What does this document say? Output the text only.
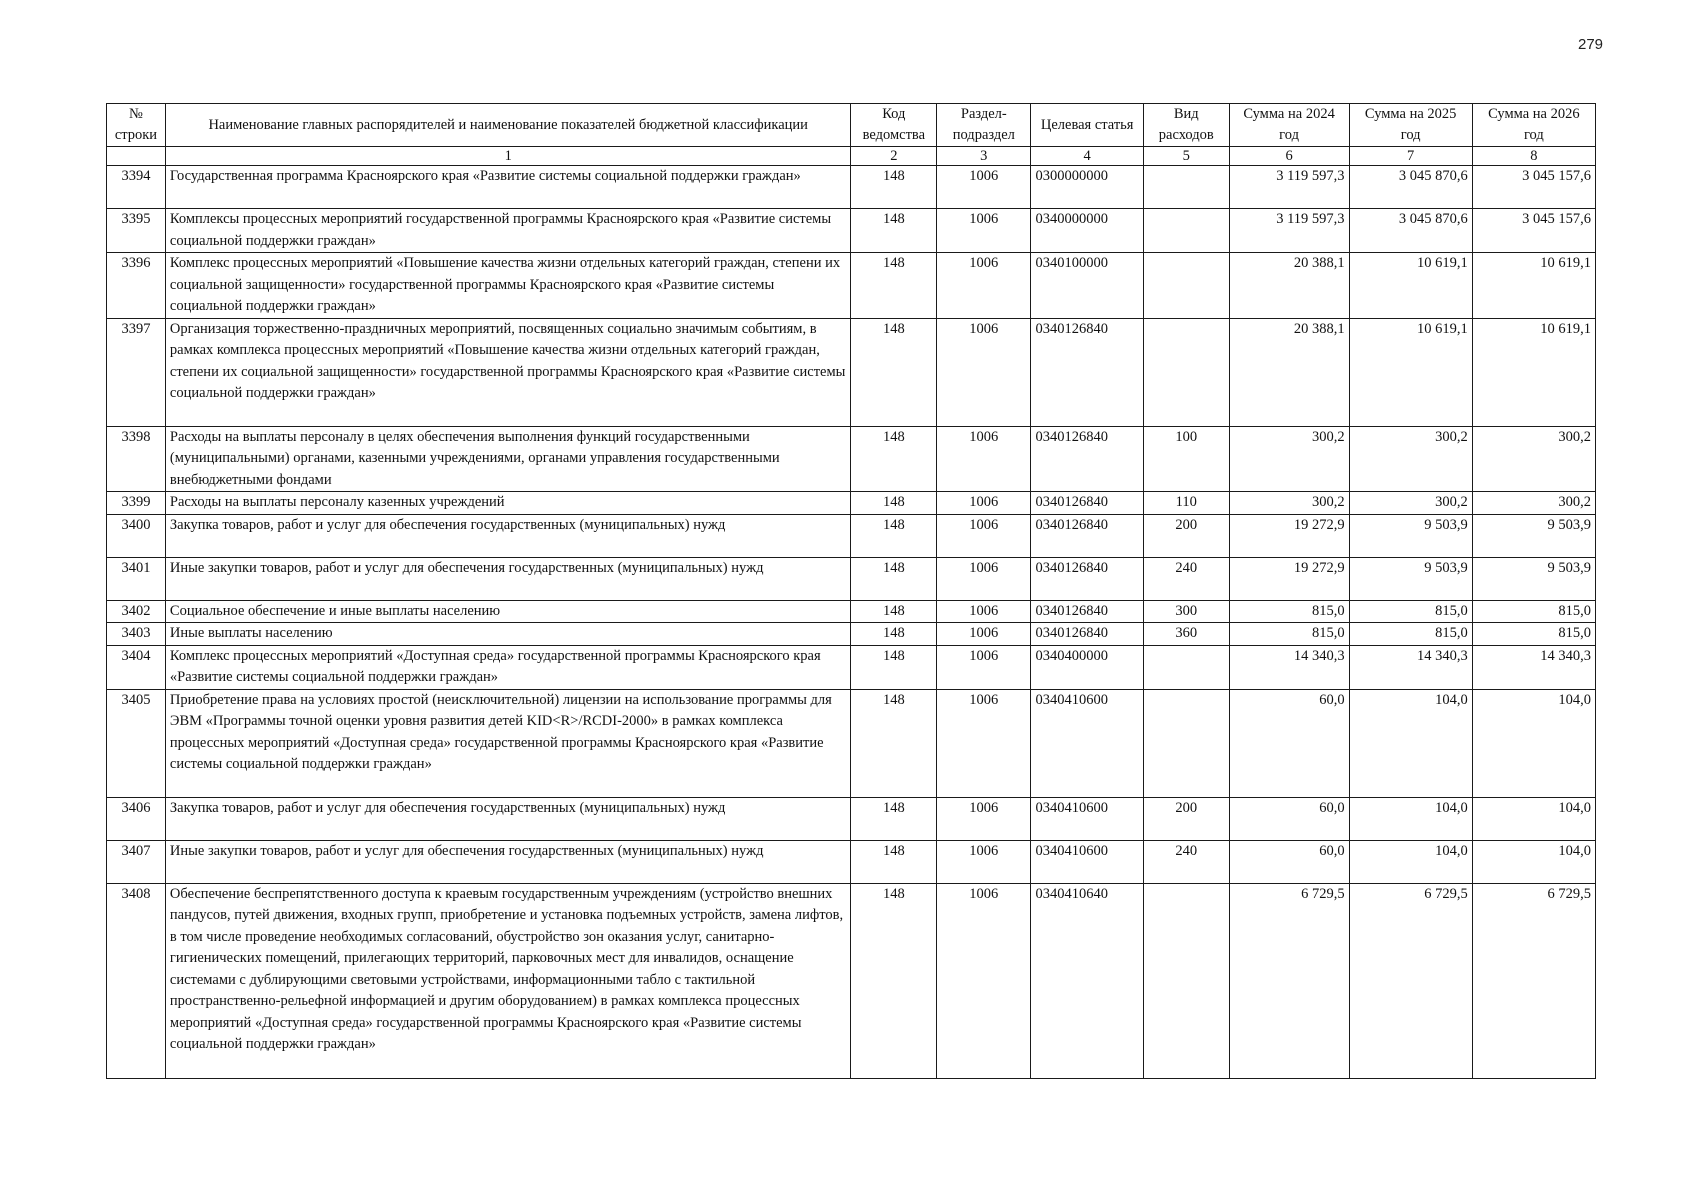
279
№ строки	Наименование главных распорядителей и наименование показателей бюджетной классификации	Код ведомства	Раздел-подраздел	Целевая статья	Вид расходов	Сумма на 2024 год	Сумма на 2025 год	Сумма на 2026 год
	1	2	3	4	5	6	7	8
3394	Государственная программа Красноярского края «Развитие системы социальной поддержки граждан»	148	1006	0300000000		3 119 597,3	3 045 870,6	3 045 157,6
3395	Комплексы процессных мероприятий государственной программы Красноярского края «Развитие системы социальной поддержки граждан»	148	1006	0340000000		3 119 597,3	3 045 870,6	3 045 157,6
3396	Комплекс процессных мероприятий «Повышение качества жизни отдельных категорий граждан, степени их социальной защищенности» государственной программы Красноярского края «Развитие системы социальной поддержки граждан»	148	1006	0340100000		20 388,1	10 619,1	10 619,1
3397	Организация торжественно-праздничных мероприятий, посвященных социально значимым событиям, в рамках комплекса процессных мероприятий «Повышение качества жизни отдельных категорий граждан, степени их социальной защищенности» государственной программы Красноярского края «Развитие системы социальной поддержки граждан»	148	1006	0340126840		20 388,1	10 619,1	10 619,1
3398	Расходы на выплаты персоналу в целях обеспечения выполнения функций государственными (муниципальными) органами, казенными учреждениями, органами управления государственными внебюджетными фондами	148	1006	0340126840	100	300,2	300,2	300,2
3399	Расходы на выплаты персоналу казенных учреждений	148	1006	0340126840	110	300,2	300,2	300,2
3400	Закупка товаров, работ и услуг для обеспечения государственных (муниципальных) нужд	148	1006	0340126840	200	19 272,9	9 503,9	9 503,9
3401	Иные закупки товаров, работ и услуг для обеспечения государственных (муниципальных) нужд	148	1006	0340126840	240	19 272,9	9 503,9	9 503,9
3402	Социальное обеспечение и иные выплаты населению	148	1006	0340126840	300	815,0	815,0	815,0
3403	Иные выплаты населению	148	1006	0340126840	360	815,0	815,0	815,0
3404	Комплекс процессных мероприятий «Доступная среда» государственной программы Красноярского края «Развитие системы социальной поддержки граждан»	148	1006	0340400000		14 340,3	14 340,3	14 340,3
3405	Приобретение права на условиях простой (неисключительной) лицензии на использование программы для ЭВМ «Программы точной оценки уровня развития детей KID<R>/RCDI-2000» в рамках комплекса процессных мероприятий «Доступная среда» государственной программы Красноярского края «Развитие системы социальной поддержки граждан»	148	1006	0340410600		60,0	104,0	104,0
3406	Закупка товаров, работ и услуг для обеспечения государственных (муниципальных) нужд	148	1006	0340410600	200	60,0	104,0	104,0
3407	Иные закупки товаров, работ и услуг для обеспечения государственных (муниципальных) нужд	148	1006	0340410600	240	60,0	104,0	104,0
3408	Обеспечение беспрепятственного доступа к краевым государственным учреждениям (устройство внешних пандусов, путей движения, входных групп, приобретение и установка подъемных устройств, замена лифтов, в том числе проведение необходимых согласований, обустройство зон оказания услуг, санитарно-гигиенических помещений, прилегающих территорий, парковочных мест для инвалидов, оснащение системами с дублирующими световыми устройствами, информационными табло с тактильной пространственно-рельефной информацией и другим оборудованием) в рамках комплекса процессных мероприятий «Доступная среда» государственной программы Красноярского края «Развитие системы социальной поддержки граждан»	148	1006	0340410640		6 729,5	6 729,5	6 729,5
